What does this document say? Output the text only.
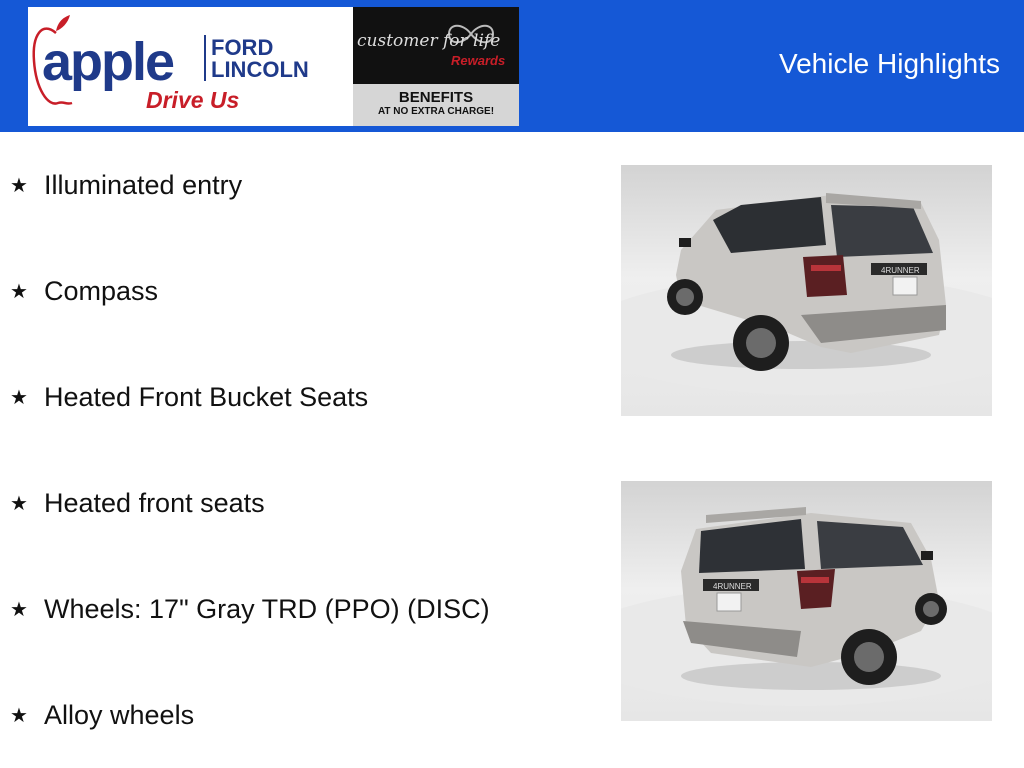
apple FORD
LINCOLN
Drive Us
customer for life
Rewards
BENEFITS
AT NO EXTRA CHARGE!
Vehicle Highlights
★ Illuminated entry
★ Compass
★ Heated Front Bucket Seats
★ Heated front seats
★ Wheels: 17" Gray TRD (PPO) (DISC)
★ Alloy wheels
4RUNNER
4RUNNER
